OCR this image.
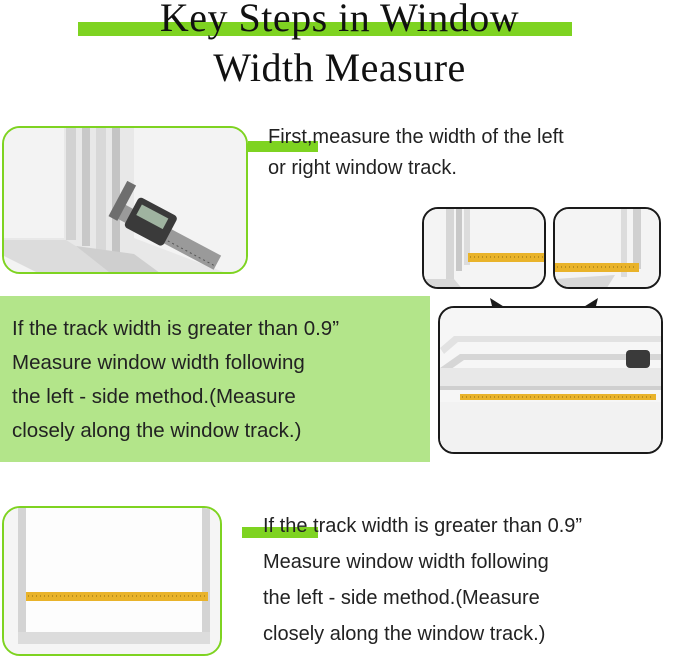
Key Steps in Window
Width Measure
First,measure the width of the left
or right window track.
If the track width is greater than 0.9”
Measure window width following
the left - side method.(Measure
closely along the window track.)
If the track width is greater than 0.9”
Measure window width following
the left - side method.(Measure
closely along the window track.)
